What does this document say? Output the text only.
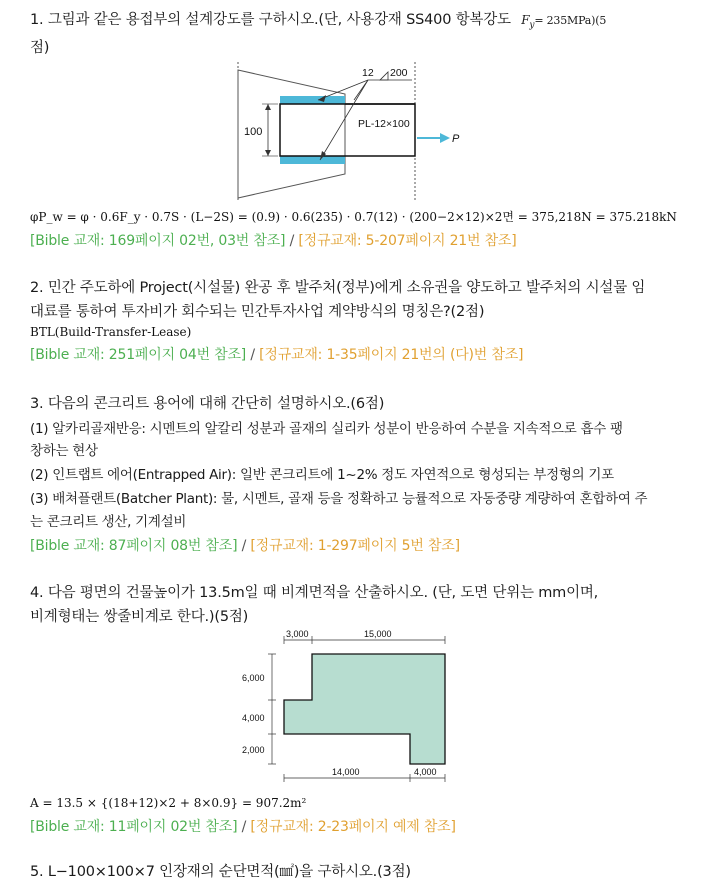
1. 그림과 같은 용접부의 설계강도를 구하시오.(단, 사용강재 SS400 항복강도 $F_y= 235MPa)(5$
점)
100
12 200
PL-12×100
P
φP_w = φ · 0.6F_y · 0.7S · (L−2S) = (0.9) · 0.6(235) · 0.7(12) · (200−2×12)×2면 = 375,218N = 375.218kN
[Bible 교재: 169페이지 02번, 03번 참조] / [정규교재: 5-207페이지 21번 참조]
2. 민간 주도하에 Project(시설물) 완공 후 발주처(정부)에게 소유권을 양도하고 발주처의 시설물 임
대료를 통하여 투자비가 회수되는 민간투자사업 계약방식의 명칭은?(2점)
BTL(Build-Transfer-Lease)
[Bible 교재: 251페이지 04번 참조] / [정규교재: 1-35페이지 21번의 (다)번 참조]
3. 다음의 콘크리트 용어에 대해 간단히 설명하시오.(6점)
(1) 알카리골재반응: 시멘트의 알칼리 성분과 골재의 실리카 성분이 반응하여 수분을 지속적으로 흡수 팽
창하는 현상
(2) 인트랩트 에어(Entrapped Air): 일반 콘크리트에 1~2% 정도 자연적으로 형성되는 부정형의 기포
(3) 배쳐플랜트(Batcher Plant): 물, 시멘트, 골재 등을 정확하고 능률적으로 자동중량 계량하여 혼합하여 주
는 콘크리트 생산, 기계설비
[Bible 교재: 87페이지 08번 참조] / [정규교재: 1-297페이지 5번 참조]
4. 다음 평면의 건물높이가 13.5m일 때 비계면적을 산출하시오. (단, 도면 단위는 mm이며,
비계형태는 쌍줄비계로 한다.)(5점)
3,000	15,000
6,000
4,000
2,000
14,000	4,000
A = 13.5 × {(18+12)×2 + 8×0.9} = 907.2m²
[Bible 교재: 11페이지 02번 참조] / [정규교재: 2-23페이지 예제 참조]
5. L−100×100×7 인장재의 순단면적(㎟)을 구하시오.(3점)
